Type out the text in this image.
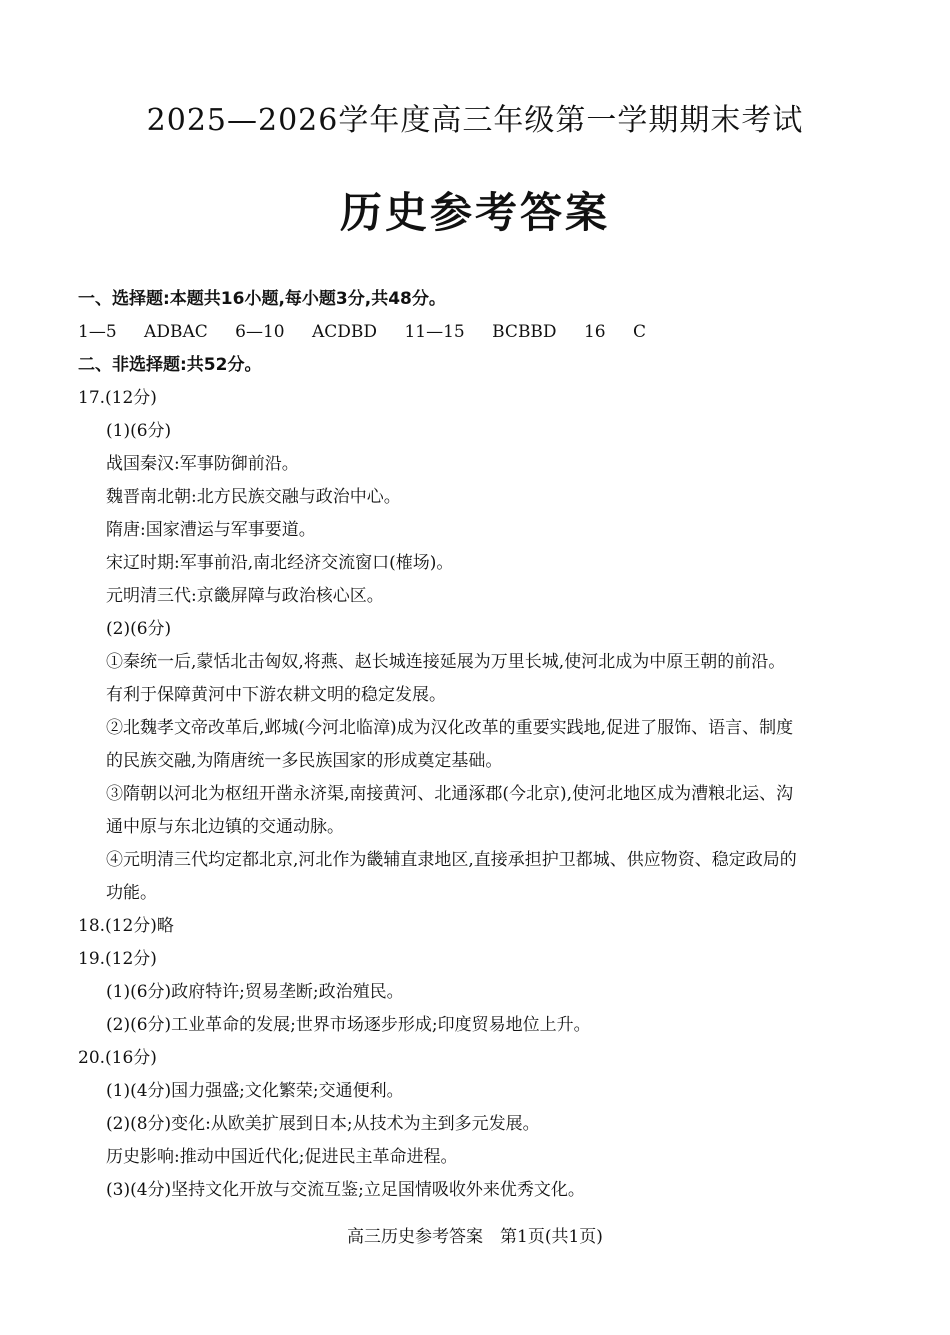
2025—2026学年度高三年级第一学期期末考试
历史参考答案
一、选择题:本题共16小题,每小题3分,共48分。
1—5 ADBAC 6—10 ACDBD 11—15 BCBBD 16 C
二、非选择题:共52分。
17.(12分)
(1)(6分)
战国秦汉:军事防御前沿。
魏晋南北朝:北方民族交融与政治中心。
隋唐:国家漕运与军事要道。
宋辽时期:军事前沿,南北经济交流窗口(榷场)。
元明清三代:京畿屏障与政治核心区。
(2)(6分)
①秦统一后,蒙恬北击匈奴,将燕、赵长城连接延展为万里长城,使河北成为中原王朝的前沿。
有利于保障黄河中下游农耕文明的稳定发展。
②北魏孝文帝改革后,邺城(今河北临漳)成为汉化改革的重要实践地,促进了服饰、语言、制度
的民族交融,为隋唐统一多民族国家的形成奠定基础。
③隋朝以河北为枢纽开凿永济渠,南接黄河、北通涿郡(今北京),使河北地区成为漕粮北运、沟
通中原与东北边镇的交通动脉。
④元明清三代均定都北京,河北作为畿辅直隶地区,直接承担护卫都城、供应物资、稳定政局的
功能。
18.(12分)略
19.(12分)
(1)(6分)政府特许;贸易垄断;政治殖民。
(2)(6分)工业革命的发展;世界市场逐步形成;印度贸易地位上升。
20.(16分)
(1)(4分)国力强盛;文化繁荣;交通便利。
(2)(8分)变化:从欧美扩展到日本;从技术为主到多元发展。
历史影响:推动中国近代化;促进民主革命进程。
(3)(4分)坚持文化开放与交流互鉴;立足国情吸收外来优秀文化。
高三历史参考答案　第1页(共1页)
